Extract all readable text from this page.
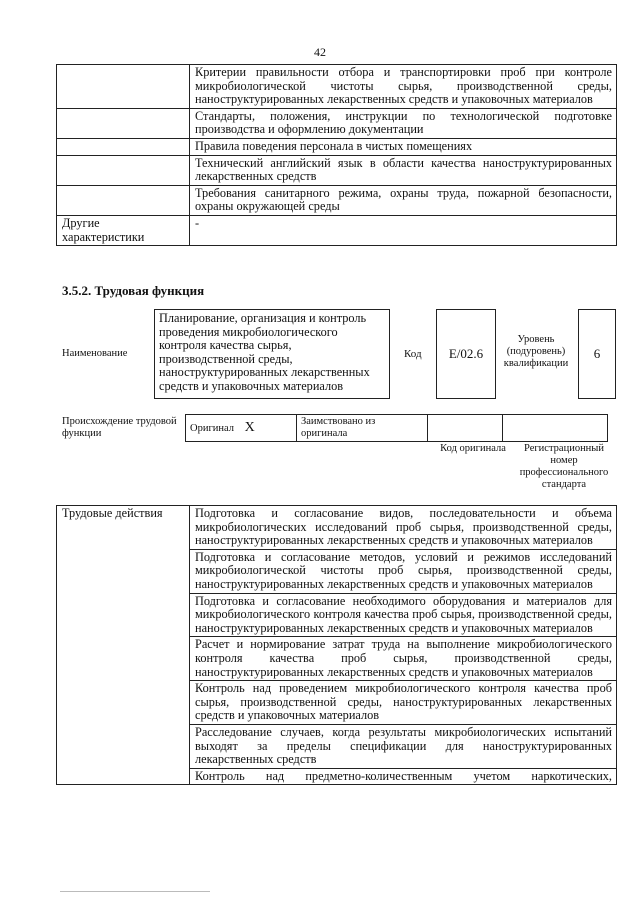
42
	Критерии правильности отбора и транспортировки проб при контроле микробиологической чистоты сырья, производственной среды, наноструктурированных лекарственных средств и упаковочных материалов
	Стандарты, положения, инструкции по технологической подготовке производства и оформлению документации
	Правила поведения персонала в чистых помещениях
	Технический английский язык в области качества наноструктурированных лекарственных средств
	Требования санитарного режима, охраны труда, пожарной безопасности, охраны окружающей среды
Другие характеристики	-
3.5.2. Трудовая функция
Наименование
Планирование, организация и контроль проведения микробиологического контроля качества сырья, производственной среды, наноструктурированных лекарственных средств и упаковочных материалов
Код	E/02.6
Уровень (подуровень) квалификации
6
Происхождение трудовой функции	Оригинал X	Заимствовано из оригинала		
Код оригинала	Регистрационный номер профессионального стандарта
Трудовые действия	Подготовка и согласование видов, последовательности и объема микробиологических исследований проб сырья, производственной среды, наноструктурированных лекарственных средств и упаковочных материалов
Подготовка и согласование методов, условий и режимов исследований микробиологической чистоты проб сырья, производственной среды, наноструктурированных лекарственных средств и упаковочных материалов
Подготовка и согласование необходимого оборудования и материалов для микробиологического контроля качества проб сырья, производственной среды, наноструктурированных лекарственных средств и упаковочных материалов
Расчет и нормирование затрат труда на выполнение микробиологического контроля качества проб сырья, производственной среды, наноструктурированных лекарственных средств и упаковочных материалов
Контроль над проведением микробиологического контроля качества проб сырья, производственной среды, наноструктурированных лекарственных средств и упаковочных материалов
Расследование случаев, когда результаты микробиологических испытаний выходят за пределы спецификации для наноструктурированных лекарственных средств
Контроль над предметно-количественным учетом наркотических,
